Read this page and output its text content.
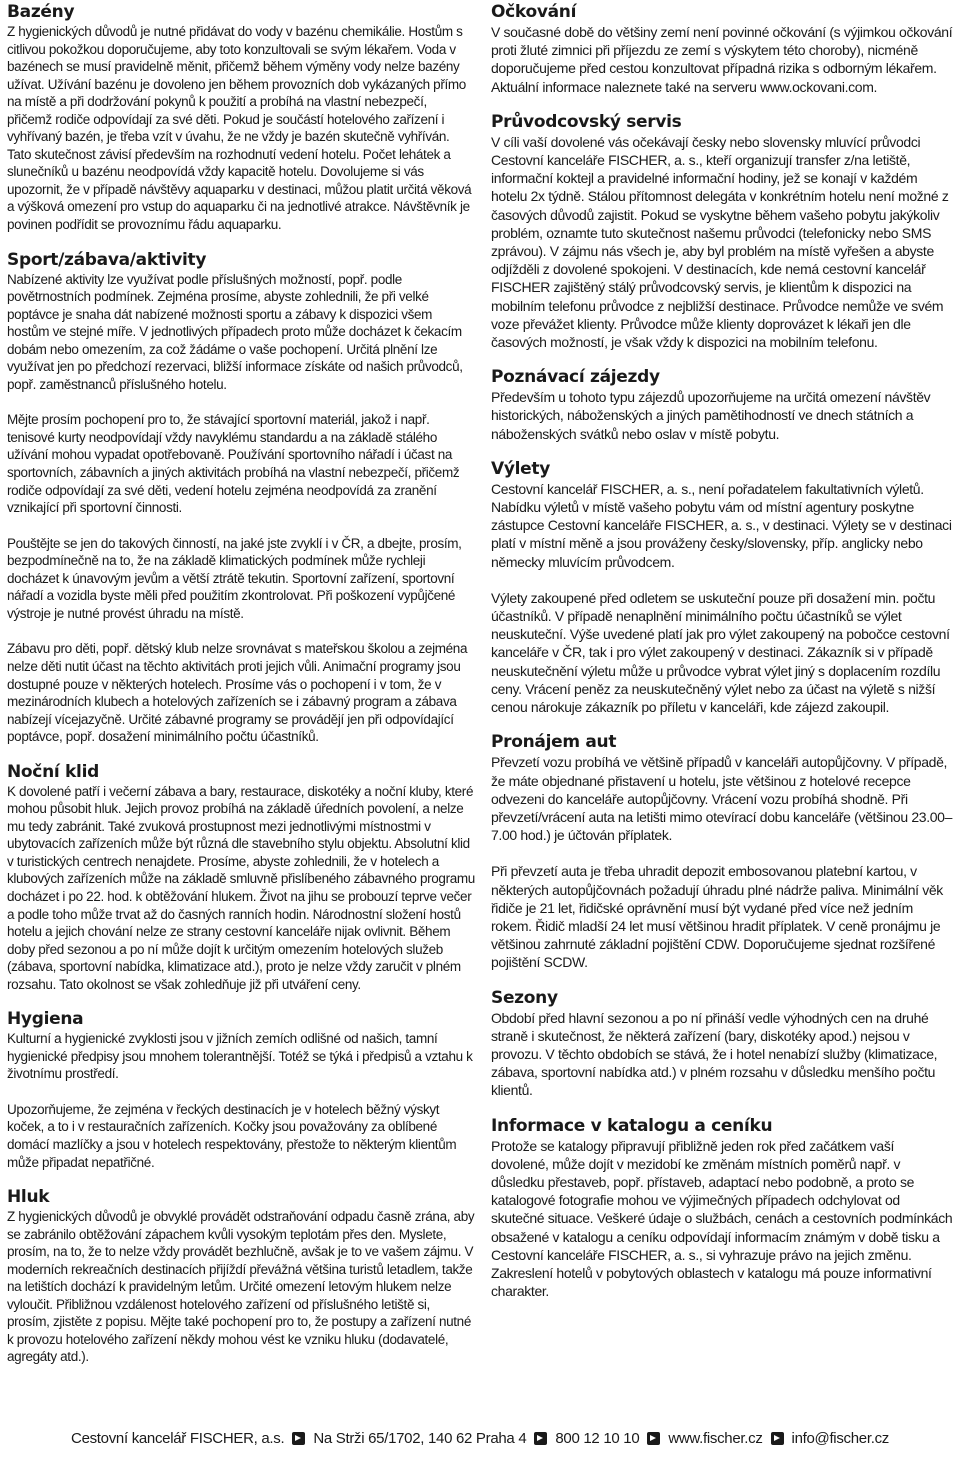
Bazény

Z hygienických důvodů je nutné přidávat do vody v bazénu chemikálie. Hostům s citlivou pokožkou doporučujeme, aby toto konzultovali se svým lékařem. Voda v bazénech se musí pravidelně měnit, přičemž během výměny vody nelze bazény užívat. Užívání bazénu je dovoleno jen během provozních dob vykázaných přímo na místě a při dodržování pokynů k použití a probíhá na vlastní nebezpečí, přičemž rodiče odpovídají za své děti. Pokud je součástí hotelového zařízení i vyhřívaný bazén, je třeba vzít v úvahu, že ne vždy je bazén skutečně vyhříván. Tato skutečnost závisí především na rozhodnutí vedení hotelu. Počet lehátek a slunečníků u bazénu neodpovídá vždy kapacitě hotelu. Dovolujeme si vás upozornit, že v případě návštěvy aquaparku v destinaci, můžou platit určitá věková a výšková omezení pro vstup do aquaparku či na jednotlivé atrakce. Návštěvník je povinen podřídit se provoznímu řádu aquaparku.

Sport/zábava/aktivity

Nabízené aktivity lze využívat podle příslušných možností, popř. podle povětrnostních podmínek. Zejména prosíme, abyste zohlednili, že při velké poptávce je snaha dát nabízené možnosti sportu a zábavy k dispozici všem hostům ve stejné míře. V jednotlivých případech proto může docházet k čekacím dobám nebo omezením, za což žádáme o vaše pochopení. Určitá plnění lze využívat jen po předchozí rezervaci, bližší informace získáte od našich průvodců, popř. zaměstnanců příslušného hotelu.

Mějte prosím pochopení pro to, že stávající sportovní materiál, jakož i např. tenisové kurty neodpovídají vždy navyklému standardu a na základě stálého užívání mohou vypadat opotřebovaně. Používání sportovního nářadí i účast na sportovních, zábavních a jiných aktivitách probíhá na vlastní nebezpečí, přičemž rodiče odpovídají za své děti, vedení hotelu zejména neodpovídá za zranění vznikající při sportovní činnosti.

Pouštějte se jen do takových činností, na jaké jste zvyklí i v ČR, a dbejte, prosím, bezpodmínečně na to, že na základě klimatických podmínek může rychleji docházet k únavovým jevům a větší ztrátě tekutin. Sportovní zařízení, sportovní nářadí a vozidla byste měli před použitím zkontrolovat. Při poškození vypůjčené výstroje je nutné provést úhradu na místě.

Zábavu pro děti, popř. dětský klub nelze srovnávat s mateřskou školou a zejména nelze děti nutit účast na těchto aktivitách proti jejich vůli. Animační programy jsou dostupné pouze v některých hotelech. Prosíme vás o pochopení i v tom, že v mezinárodních klubech a hotelových zařízeních se i zábavný program a zábava nabízejí vícejazyčně. Určité zábavné programy se provádějí jen při odpovídající poptávce, popř. dosažení minimálního počtu účastníků.

Noční klid

K dovolené patří i večerní zábava a bary, restaurace, diskotéky a noční kluby, které mohou působit hluk. Jejich provoz probíhá na základě úředních povolení, a nelze mu tedy zabránit. Také zvuková prostupnost mezi jednotlivými místnostmi v ubytovacích zařízeních může být různá dle stavebního stylu objektu. Absolutní klid v turistických centrech nenajdete. Prosíme, abyste zohlednili, že v hotelech a klubových zařízeních může na základě smluvně přislíbeného zábavného programu docházet i po 22. hod. k obtěžování hlukem. Život na jihu se probouzí teprve večer a podle toho může trvat až do časných ranních hodin. Národnostní složení hostů hotelu a jejich chování nelze ze strany cestovní kanceláře nijak ovlivnit. Během doby před sezonou a po ní může dojít k určitým omezením hotelových služeb (zábava, sportovní nabídka, klimatizace atd.), proto je nelze vždy zaručit v plném rozsahu. Tato okolnost se však zohledňuje již při utváření ceny.

Hygiena

Kulturní a hygienické zvyklosti jsou v jižních zemích odlišné od našich, tamní hygienické předpisy jsou mnohem tolerantnější. Totéž se týká i předpisů a vztahu k životnímu prostředí.

Upozorňujeme, že zejména v řeckých destinacích je v hotelech běžný výskyt koček, a to i v restauračních zařízeních. Kočky jsou považovány za oblíbené domácí mazlíčky a jsou v hotelech respektovány, přestože to některým klientům může připadat nepatřičné.

Hluk

Z hygienických důvodů je obvyklé provádět odstraňování odpadu časně zrána, aby se zabránilo obtěžování zápachem kvůli vysokým teplotám přes den. Myslete, prosím, na to, že to nelze vždy provádět bezhlučně, avšak je to ve vašem zájmu. V moderních rekreačních destinacích přijíždí převážná většina turistů letadlem, takže na letištích dochází k pravidelným letům. Určité omezení letovým hlukem nelze vyloučit. Přibližnou vzdálenost hotelového zařízení od příslušného letiště si, prosím, zjistěte z popisu. Mějte také pochopení pro to, že postupy a zařízení nutné k provozu hotelového zařízení někdy mohou vést ke vzniku hluku (dodavatelé, agregáty atd.).

Očkování

V současné době do většiny zemí není povinné očkování (s výjimkou očkování proti žluté zimnici při příjezdu ze zemí s výskytem této choroby), nicméně doporučujeme před cestou konzultovat případná rizika s odborným lékařem. Aktuální informace naleznete také na serveru www.ockovani.com.

Průvodcovský servis

V cíli vaší dovolené vás očekávají česky nebo slovensky mluvící průvodci Cestovní kanceláře FISCHER, a. s., kteří organizují transfer z/na letiště, informační koktejl a pravidelné informační hodiny, jež se konají v každém hotelu 2x týdně. Stálou přítomnost delegáta v konkrétním hotelu není možné z časových důvodů zajistit. Pokud se vyskytne během vašeho pobytu jakýkoliv problém, oznamte tuto skutečnost našemu průvodci (telefonicky nebo SMS zprávou). V zájmu nás všech je, aby byl problém na místě vyřešen a abyste odjížděli z dovolené spokojeni. V destinacích, kde nemá cestovní kancelář FISCHER zajištěný stálý průvodcovský servis, je klientům k dispozici na mobilním telefonu průvodce z nejbližší destinace. Průvodce nemůže ve svém voze převážet klienty. Průvodce může klienty doprovázet k lékaři jen dle časových možností, je však vždy k dispozici na mobilním telefonu.

Poznávací zájezdy

Především u tohoto typu zájezdů upozorňujeme na určitá omezení návštěv historických, náboženských a jiných pamětihodností ve dnech státních a náboženských svátků nebo oslav v místě pobytu.

Výlety

Cestovní kancelář FISCHER, a. s., není pořadatelem fakultativních výletů. Nabídku výletů v místě vašeho pobytu vám od místní agentury poskytne zástupce Cestovní kanceláře FISCHER, a. s., v destinaci. Výlety se v destinaci platí v místní měně a jsou prováženy česky/slovensky, příp. anglicky nebo německy mluvícím průvodcem.

Výlety zakoupené před odletem se uskuteční pouze při dosažení min. počtu účastníků. V případě nenaplnění minimálního počtu účastníků se výlet neuskuteční. Výše uvedené platí jak pro výlet zakoupený na pobočce cestovní kanceláře v ČR, tak i pro výlet zakoupený v destinaci. Zákazník si v případě neuskutečnění výletu může u průvodce vybrat výlet jiný s doplacením rozdílu ceny. Vrácení peněz za neuskutečněný výlet nebo za účast na výletě s nižší cenou nárokuje zákazník po příletu v kanceláři, kde zájezd zakoupil.

Pronájem aut

Převzetí vozu probíhá ve většině případů v kanceláři autopůjčovny. V případě, že máte objednané přistavení u hotelu, jste většinou z hotelové recepce odvezeni do kanceláře autopůjčovny. Vrácení vozu probíhá shodně. Při převzetí/vrácení auta na letišti mimo otevírací dobu kanceláře (většinou 23.00–7.00 hod.) je účtován příplatek.

Při převzetí auta je třeba uhradit depozit embosovanou platební kartou, v některých autopůjčovnách požadují úhradu plné nádrže paliva. Minimální věk řidiče je 21 let, řidičské oprávnění musí být vydané před více než jedním rokem. Řidič mladší 24 let musí většinou hradit příplatek. V ceně pronájmu je většinou zahrnuté základní pojištění CDW. Doporučujeme sjednat rozšířené pojištění SCDW.

Sezony

Období před hlavní sezonou a po ní přináší vedle výhodných cen na druhé straně i skutečnost, že některá zařízení (bary, diskotéky apod.) nejsou v provozu. V těchto obdobích se stává, že i hotel nenabízí služby (klimatizace, zábava, sportovní nabídka atd.) v plném rozsahu v důsledku menšího počtu klientů.

Informace v katalogu a ceníku

Protože se katalogy připravují přibližně jeden rok před začátkem vaší dovolené, může dojít v mezidobí ke změnám místních poměrů např. v důsledku přestaveb, popř. přístaveb, adaptací nebo podobně, a proto se katalogové fotografie mohou ve výjimečných případech odchylovat od skutečné situace. Veškeré údaje o službách, cenách a cestovních podmínkách obsažené v katalogu a ceníku odpovídají informacím známým v době tisku a Cestovní kanceláře FISCHER, a. s., si vyhrazuje právo na jejich změnu. Zakreslení hotelů v pobytových oblastech v katalogu má pouze informativní charakter.

Cestovní kancelář FISCHER, a.s. Na Strži 65/1702, 140 62 Praha 4 800 12 10 10 www.fischer.cz info@fischer.cz
